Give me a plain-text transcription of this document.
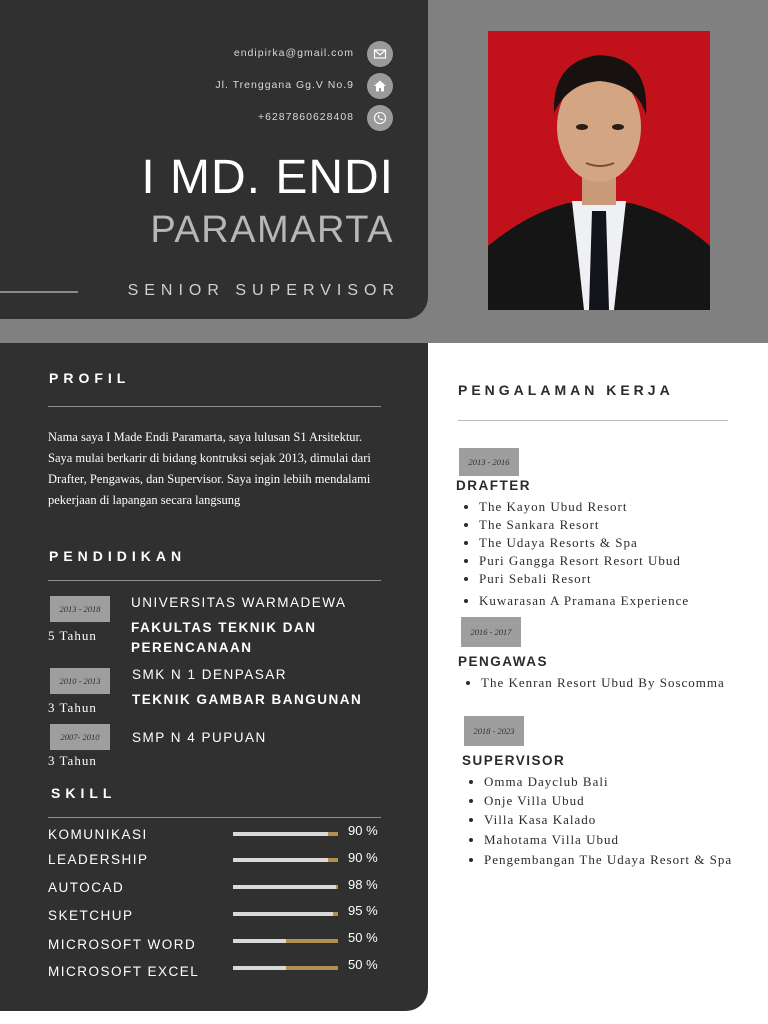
endipirka@gmail.com
Jl. Trenggana Gg.V No.9
+6287860628408
I MD. ENDI
PARAMARTA
SENIOR SUPERVISOR
PROFIL
Nama saya I Made Endi Paramarta, saya lulusan S1 Arsitektur. Saya mulai berkarir di bidang kontruksi sejak 2013, dimulai dari Drafter, Pengawas, dan Supervisor. Saya ingin lebiih mendalami pekerjaan di lapangan secara langsung
PENDIDIKAN
2013 - 2018
5 Tahun
UNIVERSITAS WARMADEWA
FAKULTAS TEKNIK DAN PERENCANAAN
2010 - 2013
3 Tahun
SMK N 1 DENPASAR
TEKNIK GAMBAR BANGUNAN
2007- 2010
3 Tahun
SMP N 4 PUPUAN
SKILL
KOMUNIKASI	90 %
LEADERSHIP	90 %
AUTOCAD	98 %
SKETCHUP	95 %
MICROSOFT WORD	50 %
MICROSOFT EXCEL	50 %
PENGALAMAN KERJA
2013 - 2016
DRAFTER
• The Kayon Ubud Resort
• The Sankara Resort
• The Udaya Resorts & Spa
• Puri Gangga Resort Resort Ubud
• Puri Sebali Resort
• Kuwarasan A Pramana Experience
2016 - 2017
PENGAWAS
• The Kenran Resort Ubud By Soscomma
2018 - 2023
SUPERVISOR
• Omma Dayclub Bali
• Onje Villa Ubud
• Villa Kasa Kalado
• Mahotama Villa Ubud
• Pengembangan The Udaya Resort & Spa
